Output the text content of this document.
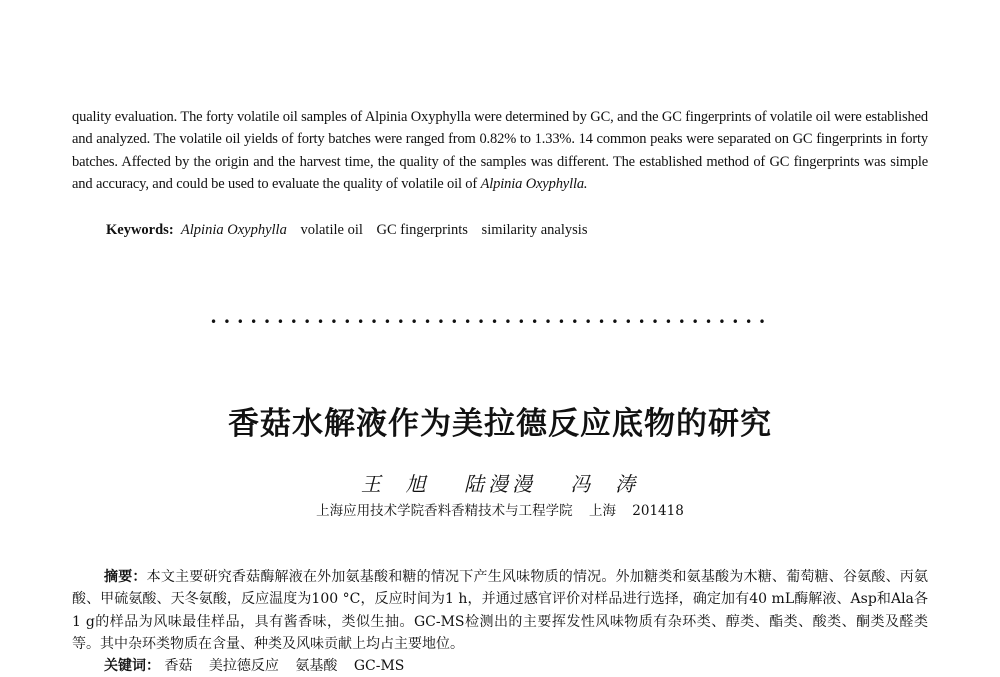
quality evaluation. The forty volatile oil samples of Alpinia Oxyphylla were determined by GC, and the GC fingerprints of volatile oil were established and analyzed. The volatile oil yields of forty batches were ranged from 0.82% to 1.33%. 14 common peaks were separated on GC fingerprints in forty batches. Affected by the origin and the harvest time, the quality of the samples was different. The established method of GC fingerprints was simple and accuracy, and could be used to evaluate the quality of volatile oil of Alpinia Oxyphylla.
Keywords: Alpinia Oxyphylla volatile oil GC fingerprints similarity analysis
••••••••••••••••••••••••••••••••••••••••••
香菇水解液作为美拉德反应底物的研究
王  旭 陆漫漫 冯  涛
上海应用技术学院香料香精技术与工程学院 上海 201418
摘要：本文主要研究香菇酶解液在外加氨基酸和糖的情况下产生风味物质的情况。外加糖类和氨基酸为木糖、葡萄糖、谷氨酸、丙氨酸、甲硫氨酸、天冬氨酸，反应温度为100 °C，反应时间为1 h，并通过感官评价对样品进行选择，确定加有40 mL酶解液、Asp和Ala各1 g的样品为风味最佳样品，具有酱香味，类似生抽。GC-MS检测出的主要挥发性风味物质有杂环类、醇类、酯类、酸类、酮类及醛类等。其中杂环类物质在含量、种类及风味贡献上均占主要地位。
关键词： 香菇 美拉德反应 氨基酸 GC-MS
